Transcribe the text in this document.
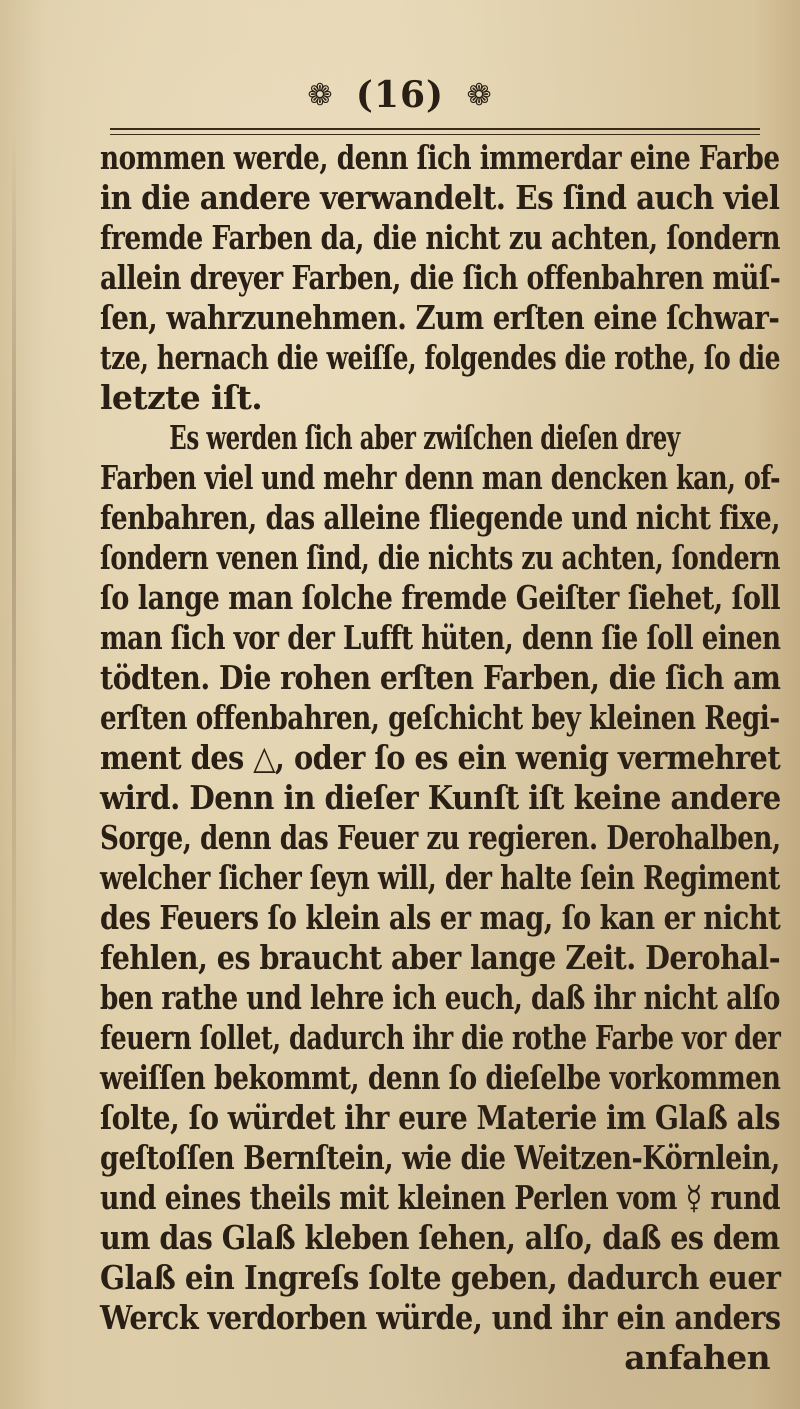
❁ (16) ❁
nommen werde, denn ſich immerdar eine Farbe
in die andere verwandelt. Es ſind auch viel
fremde Farben da, die nicht zu achten, ſondern
allein dreyer Farben, die ſich offenbahren müſ-
ſen, wahrzunehmen. Zum erſten eine ſchwar-
tze, hernach die weiſſe, folgendes die rothe, ſo die
letzte iſt.
Es werden ſich aber zwiſchen dieſen drey
Farben viel und mehr denn man dencken kan, of-
fenbahren, das alleine fliegende und nicht fixe,
ſondern venen ſind, die nichts zu achten, ſondern
ſo lange man ſolche fremde Geiſter ſiehet, ſoll
man ſich vor der Lufft hüten, denn ſie ſoll einen
tödten. Die rohen erſten Farben, die ſich am
erſten offenbahren, geſchicht bey kleinen Regi-
ment des △, oder ſo es ein wenig vermehret
wird. Denn in dieſer Kunſt iſt keine andere
Sorge, denn das Feuer zu regieren. Derohalben,
welcher ſicher ſeyn will, der halte ſein Regiment
des Feuers ſo klein als er mag, ſo kan er nicht
fehlen, es braucht aber lange Zeit. Derohal-
ben rathe und lehre ich euch, daß ihr nicht alſo
feuern ſollet, dadurch ihr die rothe Farbe vor der
weiſſen bekommt, denn ſo dieſelbe vorkommen
ſolte, ſo würdet ihr eure Materie im Glaß als
geſtoſſen Bernſtein, wie die Weitzen-Körnlein,
und eines theils mit kleinen Perlen vom ☿ rund
um das Glaß kleben ſehen, alſo, daß es dem
Glaß ein Ingreſs ſolte geben, dadurch euer
Werck verdorben würde, und ihr ein anders
anfahen
